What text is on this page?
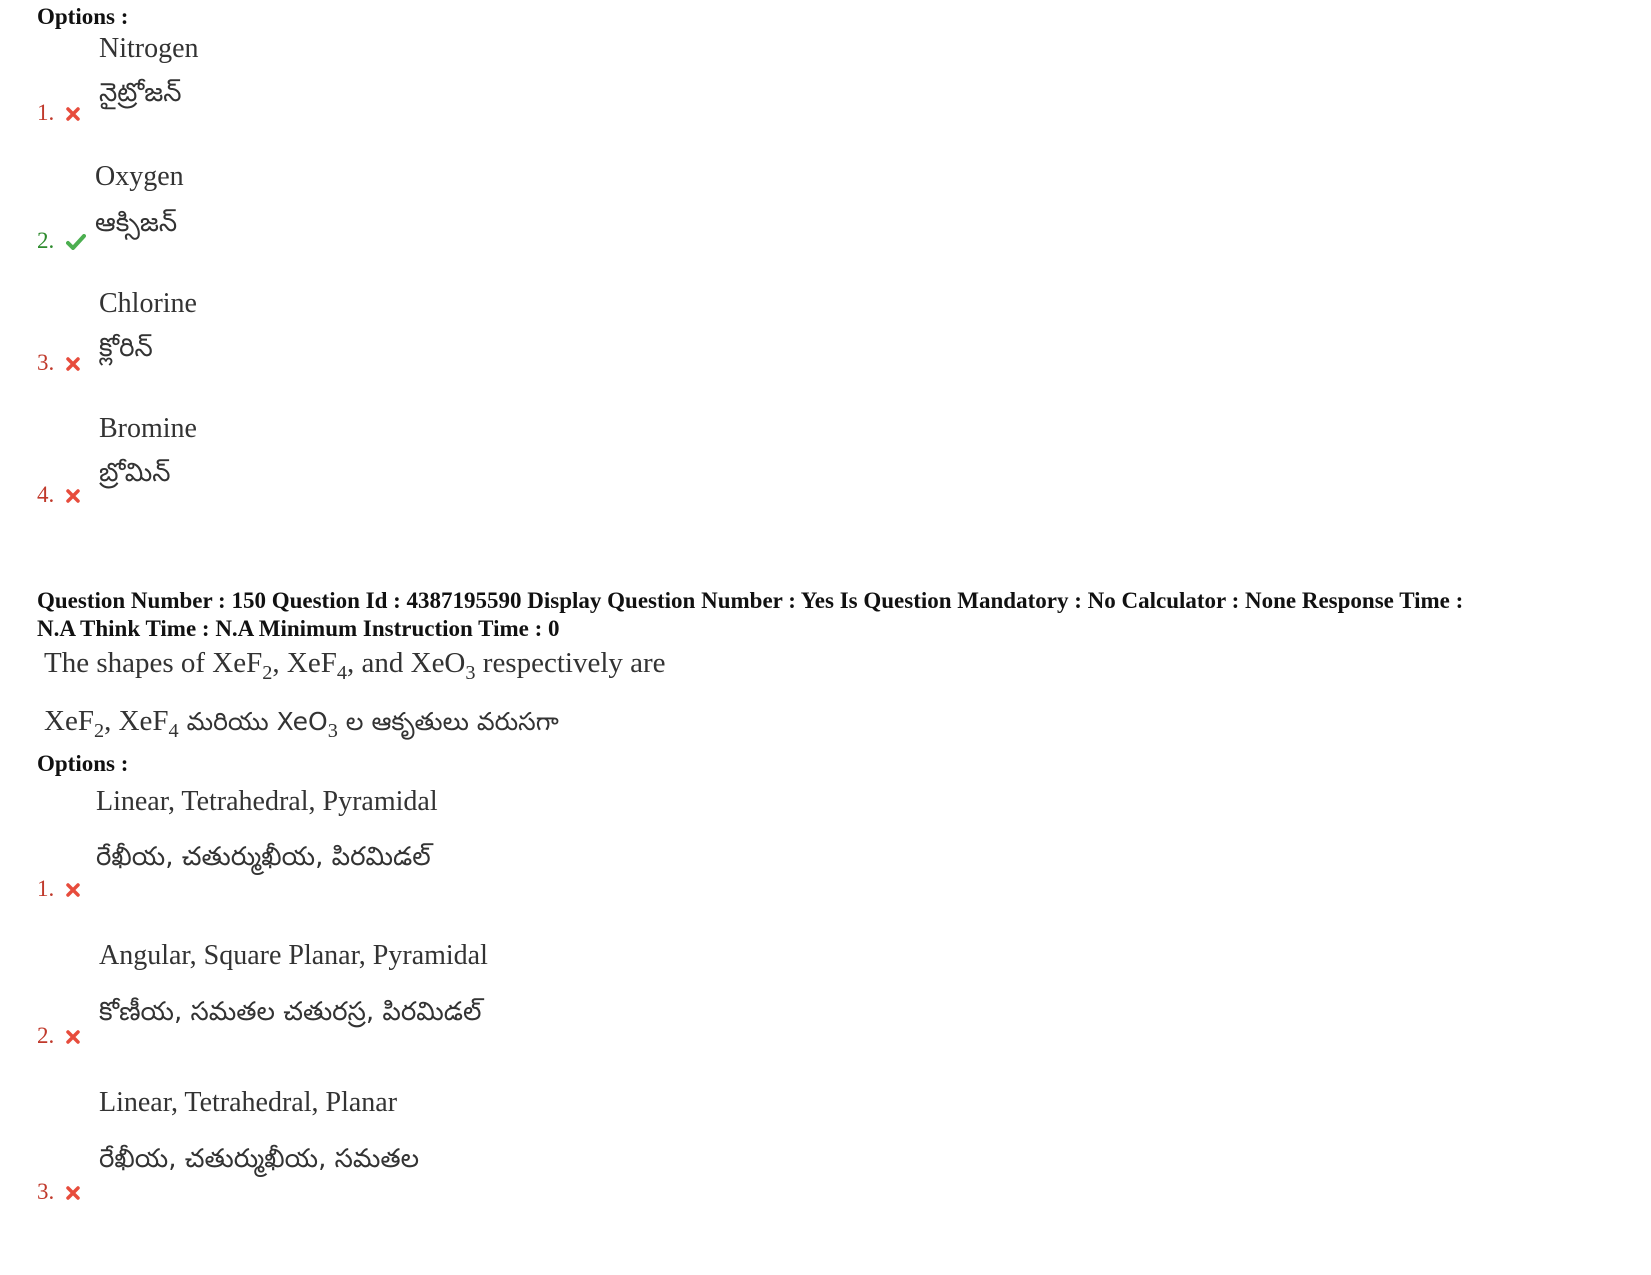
Options :
Nitrogen
నైట్రోజన్
1.
Oxygen
ఆక్సిజన్
2.
Chlorine
క్లోరిన్
3.
Bromine
బ్రోమిన్
4.
Question Number : 150 Question Id : 4387195590 Display Question Number : Yes Is Question Mandatory : No Calculator : None Response Time :
N.A Think Time : N.A Minimum Instruction Time : 0
The shapes of XeF$_2$, XeF$_4$, and XeO$_3$ respectively are
XeF$_2$, XeF$_4$ మరియు XeO$_3$ ల ఆకృతులు వరుసగా
Options :
Linear, Tetrahedral, Pyramidal
రేఖీయ, చతుర్ముఖీయ, పిరమిడల్
1.
Angular, Square Planar, Pyramidal
కోణీయ, సమతల చతురస్ర, పిరమిడల్
2.
Linear, Tetrahedral, Planar
రేఖీయ, చతుర్ముఖీయ, సమతల
3.
